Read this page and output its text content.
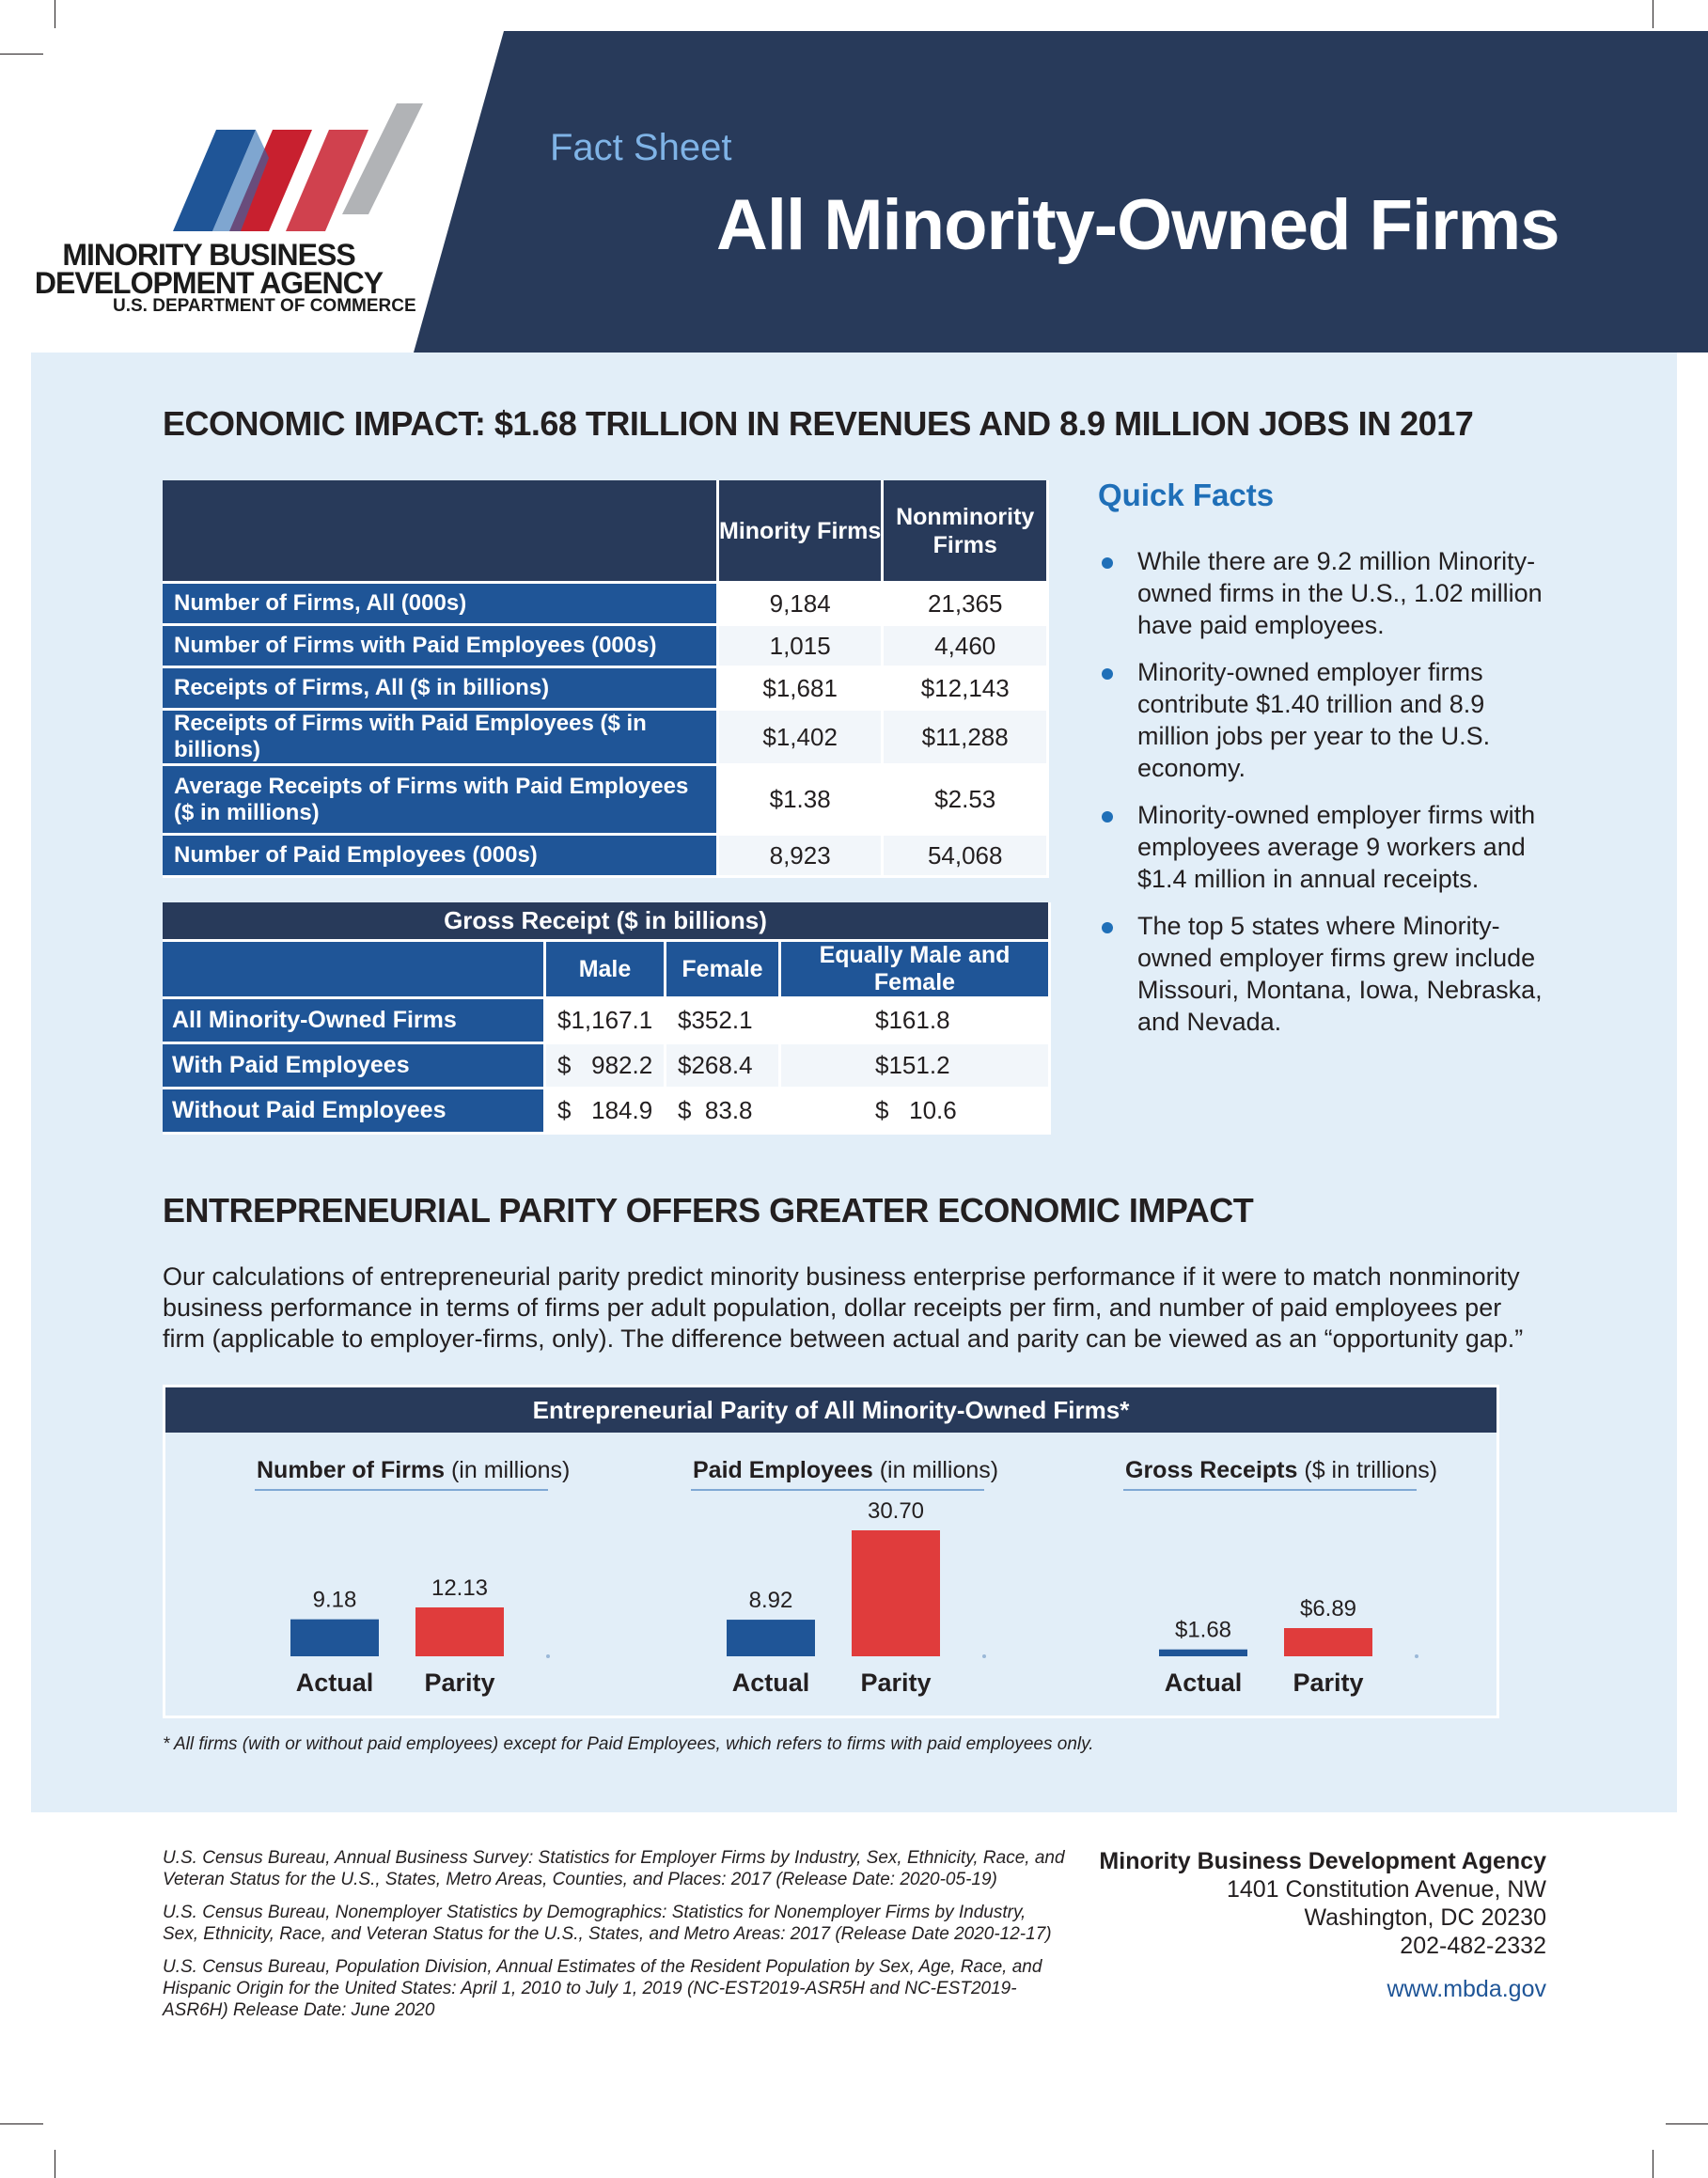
Fact Sheet
All Minority-Owned Firms
MINORITY BUSINESS
DEVELOPMENT AGENCY
U.S. DEPARTMENT OF COMMERCE
ECONOMIC IMPACT: $1.68 TRILLION IN REVENUES AND 8.9 MILLION JOBS IN 2017
	Minority Firms	Nonminority Firms
Number of Firms, All (000s)	9,184	21,365
Number of Firms with Paid Employees (000s)	1,015	4,460
Receipts of Firms, All ($ in billions)	$1,681	$12,143
Receipts of Firms with Paid Employees ($ in billions)	$1,402	$11,288
Average Receipts of Firms with Paid Employees ($ in millions)	$1.38	$2.53
Number of Paid Employees (000s)	8,923	54,068
Gross Receipt ($ in billions)			
	Male	Female	Equally Male and Female
All Minority-Owned Firms	$1,167.1	$352.1	$161.8
With Paid Employees	$   982.2	$268.4	$151.2
Without Paid Employees	$   184.9	$  83.8	$   10.6
Quick Facts
While there are 9.2 million Minority-owned firms in the U.S., 1.02 million have paid employees.
Minority-owned employer firms contribute $1.40 trillion and 8.9 million jobs per year to the U.S. economy.
Minority-owned employer firms with employees average 9 workers and $1.4 million in annual receipts.
The top 5 states where Minority-owned employer firms grew include Missouri, Montana, Iowa, Nebraska, and Nevada.
ENTREPRENEURIAL PARITY OFFERS GREATER ECONOMIC IMPACT
Our calculations of entrepreneurial parity predict minority business enterprise performance if it were to match nonminority business performance in terms of firms per adult population, dollar receipts per firm, and number of paid employees per firm (applicable to employer-firms, only). The difference between actual and parity can be viewed as an “opportunity gap.”
Number of Firms (in millions)
9.18
Actual
12.13
Parity
Paid Employees (in millions)
8.92
Actual
30.70
Parity
Gross Receipts ($ in trillions)
$1.68
Actual
$6.89
Parity
Entrepreneurial Parity of All Minority-Owned Firms*
* All firms (with or without paid employees) except for Paid Employees, which refers to firms with paid employees only.

U.S. Census Bureau, Annual Business Survey: Statistics for Employer Firms by Industry, Sex, Ethnicity, Race, and Veteran Status for the U.S., States, Metro Areas, Counties, and Places: 2017 (Release Date: 2020-05-19)

U.S. Census Bureau, Nonemployer Statistics by Demographics: Statistics for Nonemployer Firms by Industry, Sex, Ethnicity, Race, and Veteran Status for the U.S., States, and Metro Areas: 2017 (Release Date 2020-12-17)

U.S. Census Bureau, Population Division, Annual Estimates of the Resident Population by Sex, Age, Race, and Hispanic Origin for the United States: April 1, 2010 to July 1, 2019 (NC-EST2019-ASR5H and NC-EST2019-ASR6H) Release Date: June 2020

Minority Business Development Agency
1401 Constitution Avenue, NW
Washington, DC 20230
202-482-2332
www.mbda.gov
